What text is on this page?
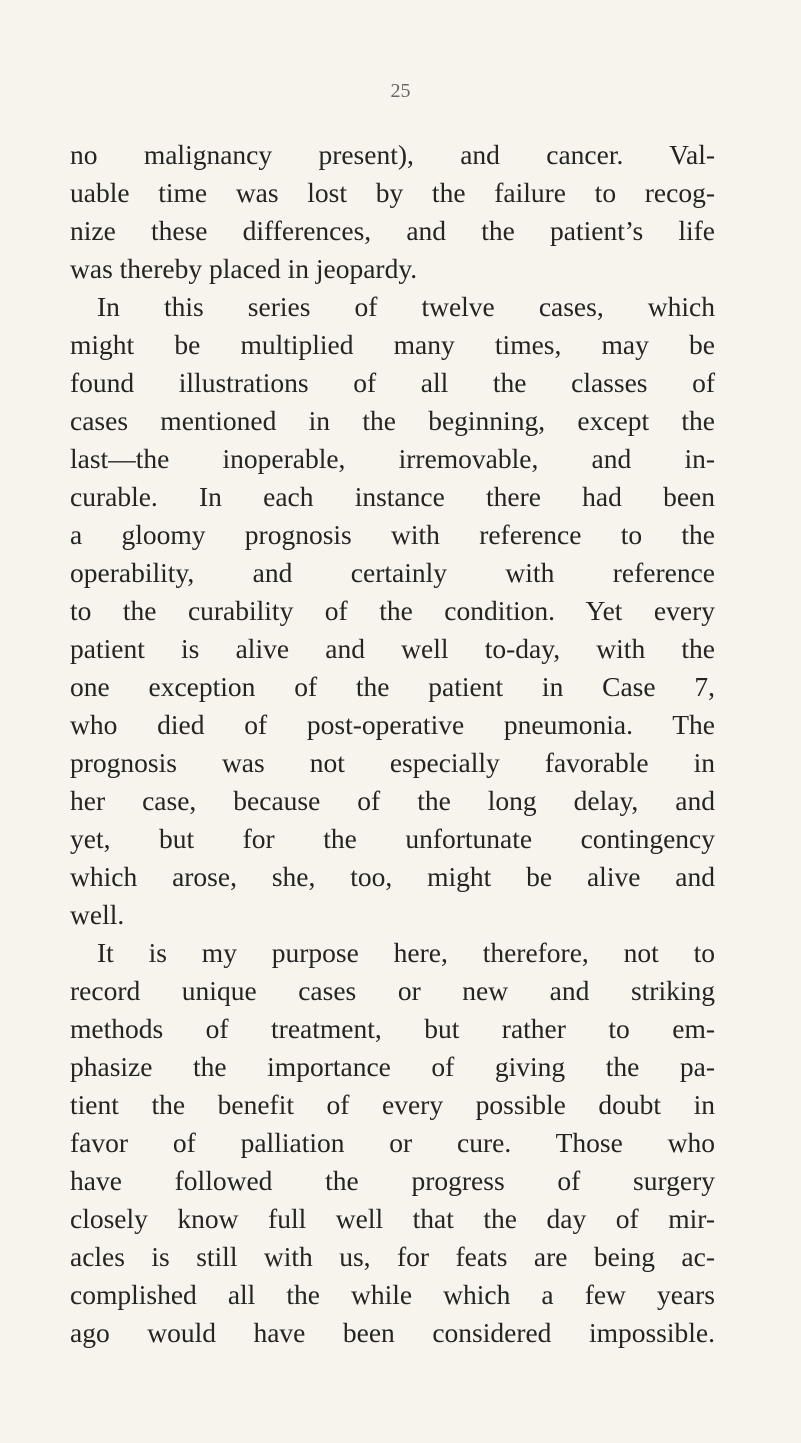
25
no malignancy present), and cancer. Val-
uable time was lost by the failure to recog-
nize these differences, and the patient’s life
was thereby placed in jeopardy.
In this series of twelve cases, which
might be multiplied many times, may be
found illustrations of all the classes of
cases mentioned in the beginning, except the
last—the inoperable, irremovable, and in-
curable. In each instance there had been
a gloomy prognosis with reference to the
operability, and certainly with reference
to the curability of the condition. Yet every
patient is alive and well to-day, with the
one exception of the patient in Case 7,
who died of post-operative pneumonia. The
prognosis was not especially favorable in
her case, because of the long delay, and
yet, but for the unfortunate contingency
which arose, she, too, might be alive and
well.
It is my purpose here, therefore, not to
record unique cases or new and striking
methods of treatment, but rather to em-
phasize the importance of giving the pa-
tient the benefit of every possible doubt in
favor of palliation or cure. Those who
have followed the progress of surgery
closely know full well that the day of mir-
acles is still with us, for feats are being ac-
complished all the while which a few years
ago would have been considered impossible.
